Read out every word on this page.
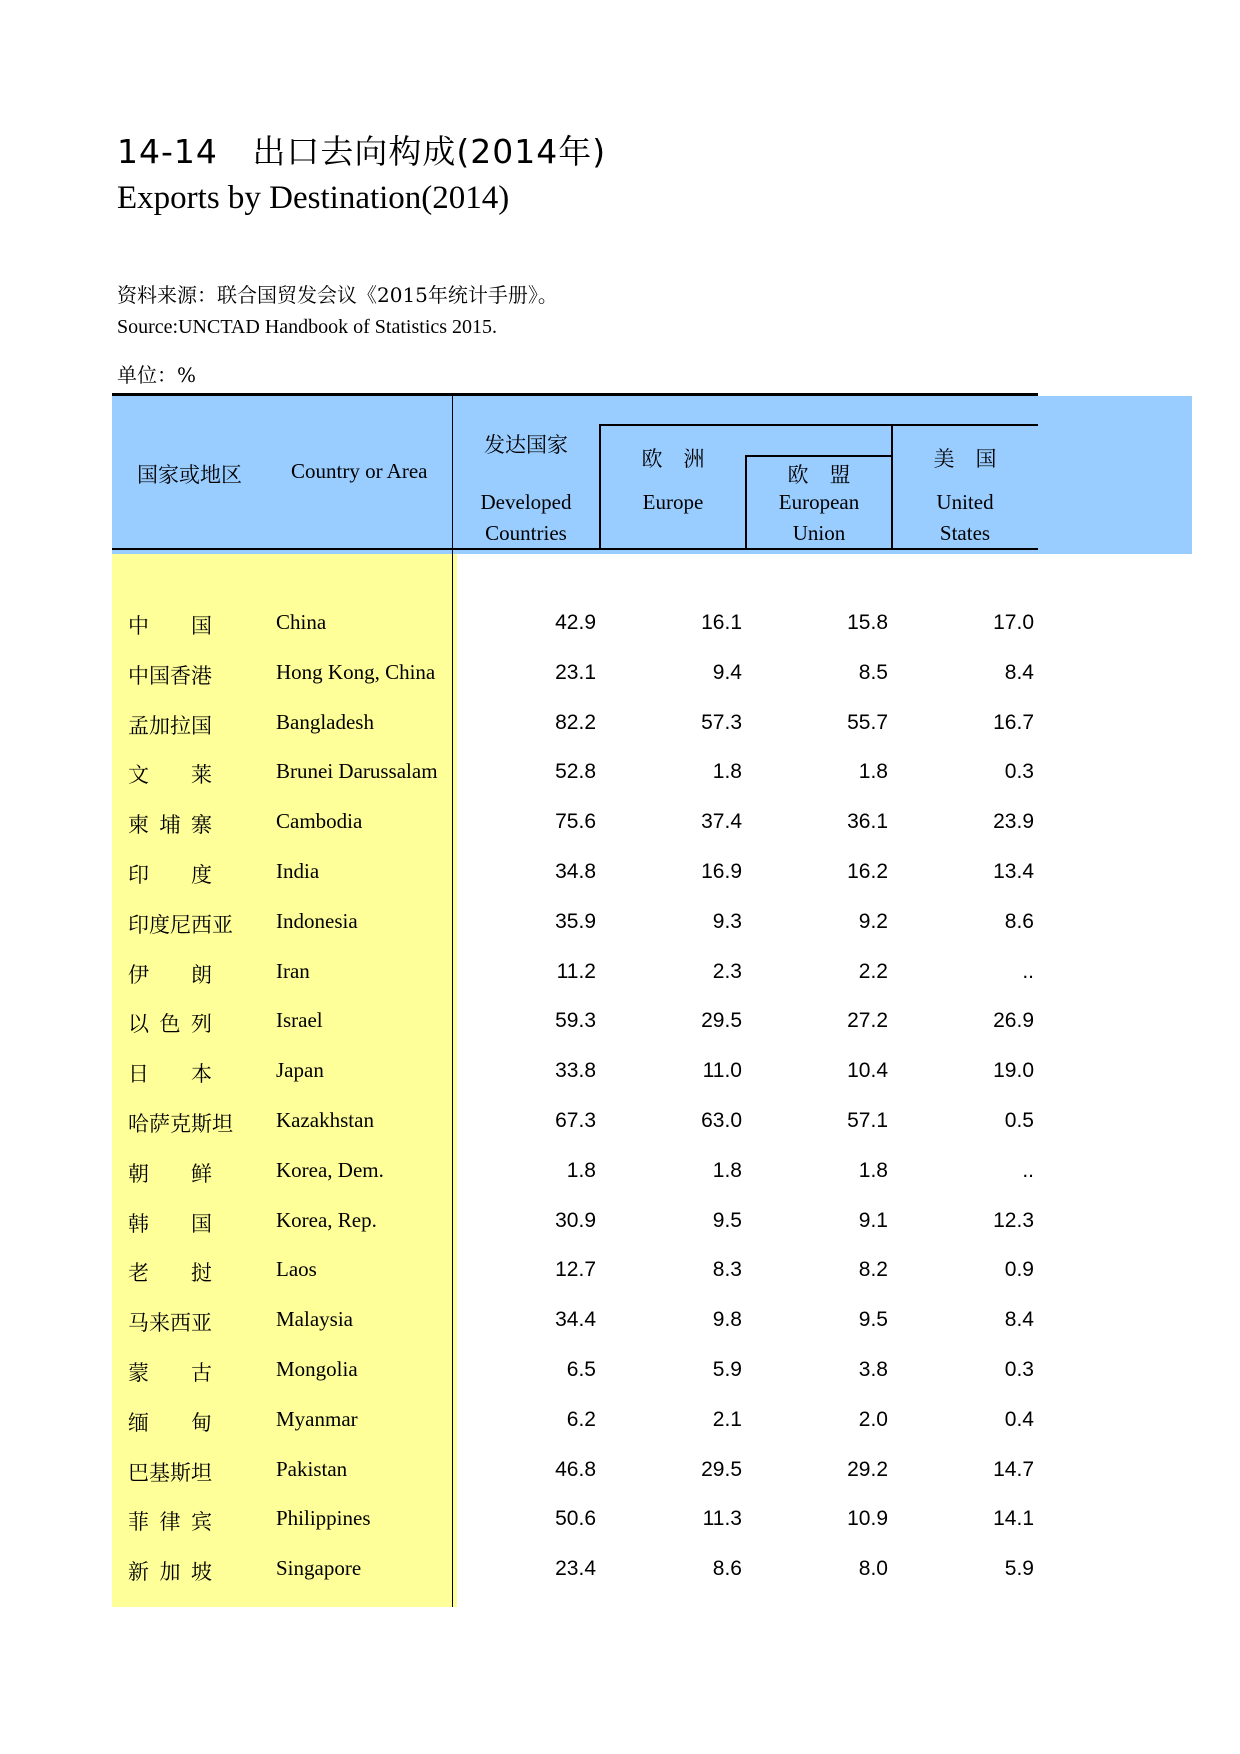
14-14 出口去向构成(2014年)
Exports by Destination(2014)
资料来源：联合国贸发会议《2015年统计手册》。
Source:UNCTAD Handbook of Statistics 2015.
单位：%
国家或地区 Country or Area
发达国家
Developed
Countries
欧　洲
Europe
欧　盟
European
Union
美　国
United
States
中国	China	42.9	16.1	15.8	17.0
中国香港	Hong Kong, China	23.1	9.4	8.5	8.4
孟加拉国	Bangladesh	82.2	57.3	55.7	16.7
文莱	Brunei Darussalam	52.8	1.8	1.8	0.3
柬埔寨	Cambodia	75.6	37.4	36.1	23.9
印度	India	34.8	16.9	16.2	13.4
印度尼西亚 Indonesia	35.9	9.3	9.2	8.6
伊朗	Iran	11.2	2.3	2.2	..
以色列	Israel	59.3	29.5	27.2	26.9
日本	Japan	33.8	11.0	10.4	19.0
哈萨克斯坦 Kazakhstan	67.3	63.0	57.1	0.5
朝鲜	Korea, Dem.	1.8	1.8	1.8	..
韩国	Korea, Rep.	30.9	9.5	9.1	12.3
老挝	Laos	12.7	8.3	8.2	0.9
马来西亚	Malaysia	34.4	9.8	9.5	8.4
蒙古	Mongolia	6.5	5.9	3.8	0.3
缅甸	Myanmar	6.2	2.1	2.0	0.4
巴基斯坦	Pakistan	46.8	29.5	29.2	14.7
菲律宾	Philippines	50.6	11.3	10.9	14.1
新加坡	Singapore	23.4	8.6	8.0	5.9
